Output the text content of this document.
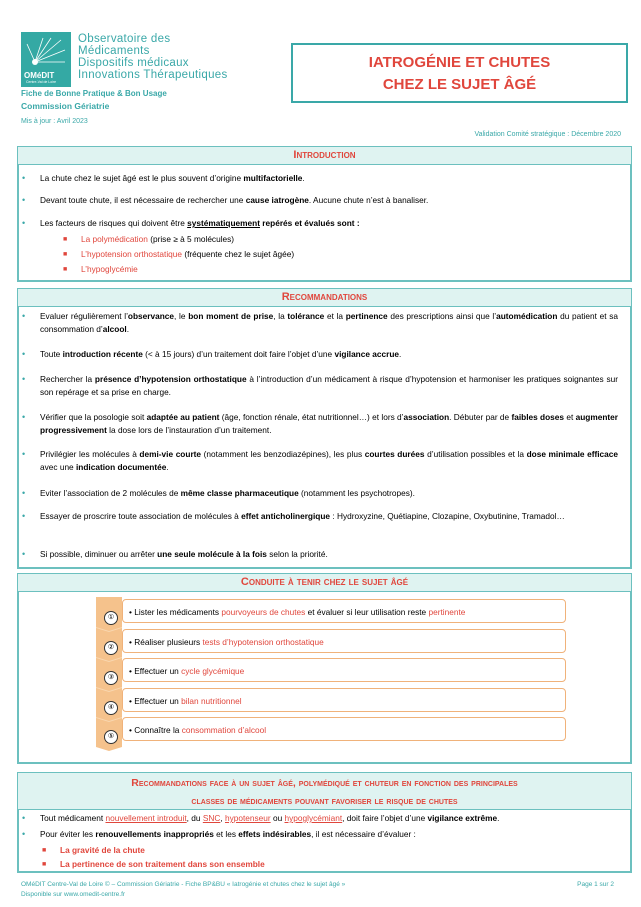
OMéDIT
Centre-Val de Loire
Observatoire des
Médicaments
Dispositifs médicaux
Innovations Thérapeutiques
Fiche de Bonne Pratique & Bon Usage
Commission Gériatrie
Mis à jour : Avril 2023
IATROGÉNIE ET CHUTES
CHEZ LE SUJET ÂGÉ
Validation Comité stratégique : Décembre 2020
Introduction
• La chute chez le sujet âgé est le plus souvent d’origine multifactorielle.
• Devant toute chute, il est nécessaire de rechercher une cause iatrogène. Aucune chute n’est à banaliser.
• Les facteurs de risques qui doivent être systématiquement repérés et évalués sont :
■ La polymédication (prise ≥ à 5 molécules)
■ L’hypotension orthostatique (fréquente chez le sujet âgée)
■ L’hypoglycémie
Recommandations
• Evaluer régulièrement l’observance, le bon moment de prise, la tolérance et la pertinence des prescriptions ainsi que l’automédication du patient et sa consommation d’alcool.
• Toute introduction récente (< à 15 jours) d’un traitement doit faire l’objet d’une vigilance accrue.
• Rechercher la présence d’hypotension orthostatique à l’introduction d’un médicament à risque d’hypotension et harmoniser les pratiques soignantes sur son repérage et sa prise en charge.
• Vérifier que la posologie soit adaptée au patient (âge, fonction rénale, état nutritionnel…) et lors d’association. Débuter par de faibles doses et augmenter progressivement la dose lors de l’instauration d’un traitement.
• Privilégier les molécules à demi-vie courte (notamment les benzodiazépines), les plus courtes durées d’utilisation possibles et la dose minimale efficace avec une indication documentée.
• Eviter l’association de 2 molécules de même classe pharmaceutique (notamment les psychotropes).
• Essayer de proscrire toute association de molécules à effet anticholinergique : Hydroxyzine, Quétiapine, Clozapine, Oxybutinine, Tramadol…
• Si possible, diminuer ou arrêter une seule molécule à la fois selon la priorité.
Conduite à tenir chez le sujet âgé
①
• Lister les médicaments pourvoyeurs de chutes et évaluer si leur utilisation reste pertinente
②
• Réaliser plusieurs tests d’hypotension orthostatique
③
• Effectuer un cycle glycémique
④
• Effectuer un bilan nutritionnel
⑤
• Connaître la consommation d’alcool
Recommandations face à un sujet âgé, polymédiqué et chuteur en fonction des principales
classes de médicaments pouvant favoriser le risque de chutes
• Tout médicament nouvellement introduit, du SNC, hypotenseur ou hypoglycémiant, doit faire l’objet d’une vigilance extrême.
• Pour éviter les renouvellements inappropriés et les effets indésirables, il est nécessaire d’évaluer :
■ La gravité de la chute
■ La pertinence de son traitement dans son ensemble
OMéDIT Centre-Val de Loire © – Commission Gériatrie - Fiche BP&BU « Iatrogénie et chutes chez le sujet âgé »
Disponible sur www.omedit-centre.fr
Page 1 sur 2
